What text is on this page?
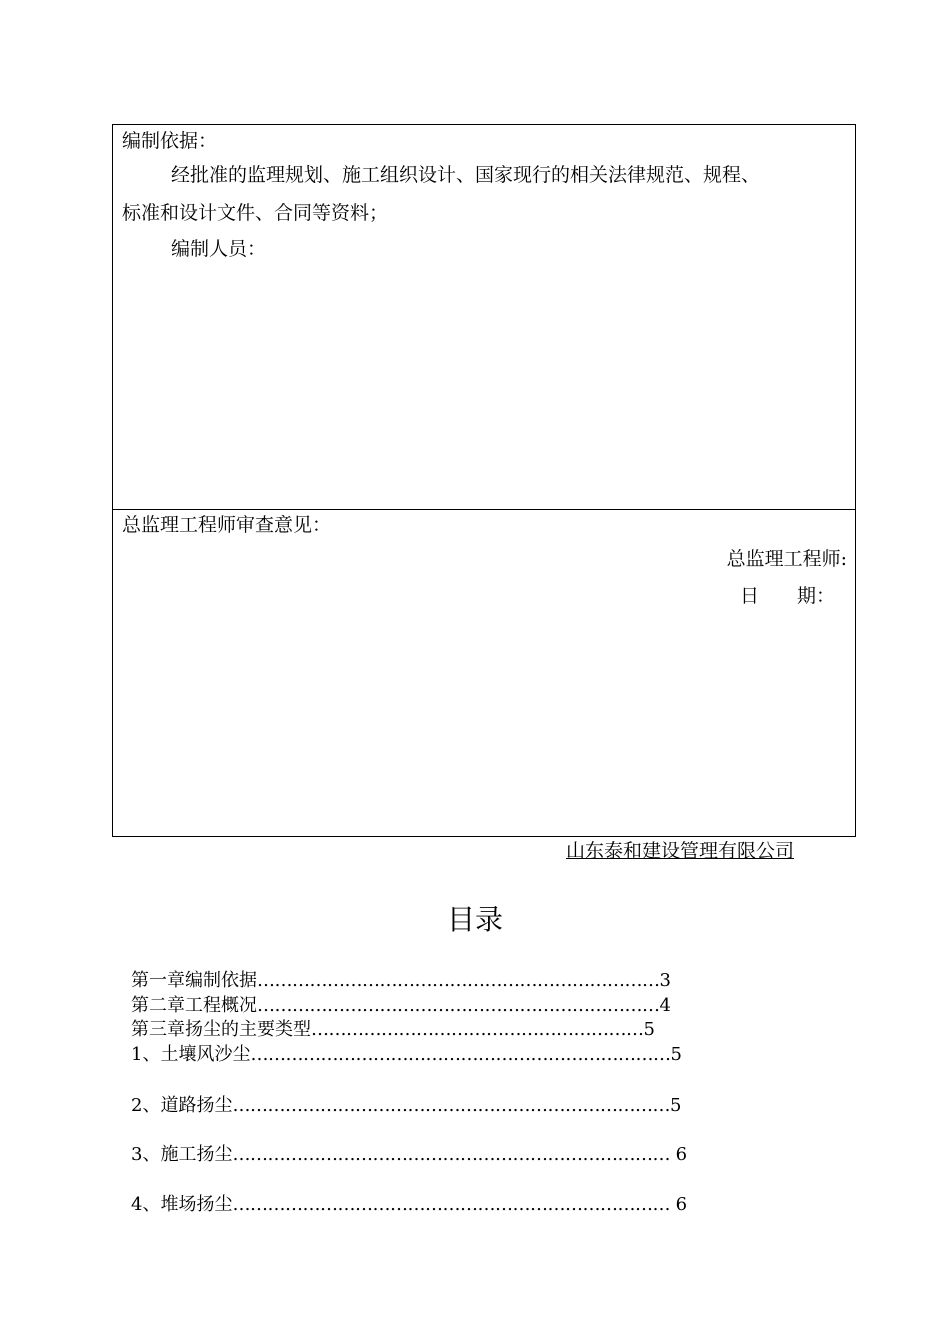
编制依据：
经批准的监理规划、施工组织设计、国家现行的相关法律规范、规程、
标准和设计文件、合同等资料；
编制人员：
总监理工程师审查意见：
总监理工程师:
日　　期：
山东泰和建设管理有限公司
目录
第一章编制依据 …………………………………………………………… 3
第二章工程概况 …………………………………………………………… 4
第三章扬尘的主要类型 ………………………………………………… 5
1、土壤风沙尘 ……………………………………………………………… 5
2、道路扬尘 ………………………………………………………………… 5
3、施工扬尘 ………………………………………………………………… 6
4、堆场扬尘 ………………………………………………………………… 6
